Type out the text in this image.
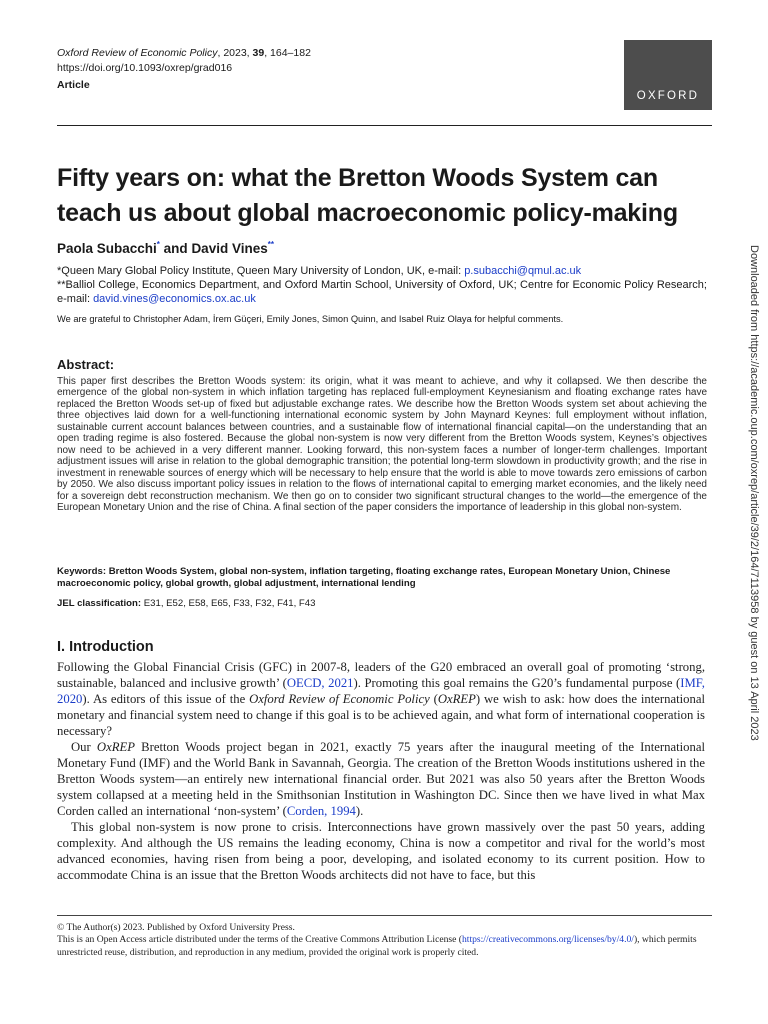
Oxford Review of Economic Policy, 2023, 39, 164–182
https://doi.org/10.1093/oxrep/grad016
Article
OXFORD
Fifty years on: what the Bretton Woods System can teach us about global macroeconomic policy-making
Paola Subacchi* and David Vines**
*Queen Mary Global Policy Institute, Queen Mary University of London, UK, e-mail: p.subacchi@qmul.ac.uk
**Balliol College, Economics Department, and Oxford Martin School, University of Oxford, UK; Centre for Economic Policy Research; e-mail: david.vines@economics.ox.ac.uk
We are grateful to Christopher Adam, İrem Güçeri, Emily Jones, Simon Quinn, and Isabel Ruiz Olaya for helpful comments.
Abstract:
This paper first describes the Bretton Woods system: its origin, what it was meant to achieve, and why it collapsed. We then describe the emergence of the global non-system in which inflation targeting has replaced full-employment Keynesianism and floating exchange rates have replaced the Bretton Woods set-up of fixed but adjustable exchange rates. We describe how the Bretton Woods system set about achieving the three objectives laid down for a well-functioning international economic system by John Maynard Keynes: full employment without inflation, sustainable current account balances between countries, and a sustainable flow of international financial capital—on the understanding that an open trading regime is also fostered. Because the global non-system is now very different from the Bretton Woods system, Keynes’s objectives now need to be achieved in a very different manner. Looking forward, this non-system faces a number of longer-term challenges. Important adjustment issues will arise in relation to the global demographic transition; the potential long-term slowdown in productivity growth; and the rise in investment in renewable sources of energy which will be necessary to help ensure that the world is able to move towards zero emissions of carbon by 2050. We also discuss important policy issues in relation to the flows of international capital to emerging market economies, and the likely need for a sovereign debt reconstruction mechanism. We then go on to consider two significant structural changes to the world—the emergence of the European Monetary Union and the rise of China. A final section of the paper considers the importance of leadership in this global non-system.
Keywords: Bretton Woods System, global non-system, inflation targeting, floating exchange rates, European Monetary Union, Chinese macroeconomic policy, global growth, global adjustment, international lending
JEL classification: E31, E52, E58, E65, F33, F32, F41, F43
I. Introduction

Following the Global Financial Crisis (GFC) in 2007-8, leaders of the G20 embraced an overall goal of promoting ‘strong, sustainable, balanced and inclusive growth’ (OECD, 2021). Promoting this goal remains the G20’s fundamental purpose (IMF, 2020). As editors of this issue of the Oxford Review of Economic Policy (OxREP) we wish to ask: how does the international monetary and financial system need to change if this goal is to be achieved again, and what form of international cooperation is necessary?

Our OxREP Bretton Woods project began in 2021, exactly 75 years after the inaugural meeting of the International Monetary Fund (IMF) and the World Bank in Savannah, Georgia. The creation of the Bretton Woods institutions ushered in the Bretton Woods system—an entirely new international financial order. But 2021 was also 50 years after the Bretton Woods system collapsed at a meeting held in the Smithsonian Institution in Washington DC. Since then we have lived in what Max Corden called an international ‘non-system’ (Corden, 1994).

This global non-system is now prone to crisis. Interconnections have grown massively over the past 50 years, adding complexity. And although the US remains the leading economy, China is now a competitor and rival for the world’s most advanced economies, having risen from being a poor, developing, and isolated economy to its current position. How to accommodate China is an issue that the Bretton Woods architects did not have to face, but this

© The Author(s) 2023. Published by Oxford University Press.
This is an Open Access article distributed under the terms of the Creative Commons Attribution License (https://creativecommons.org/licenses/by/4.0/), which permits unrestricted reuse, distribution, and reproduction in any medium, provided the original work is properly cited.
Downloaded from https://academic.oup.com/oxrep/article/39/2/164/7113958 by guest on 13 April 2023
